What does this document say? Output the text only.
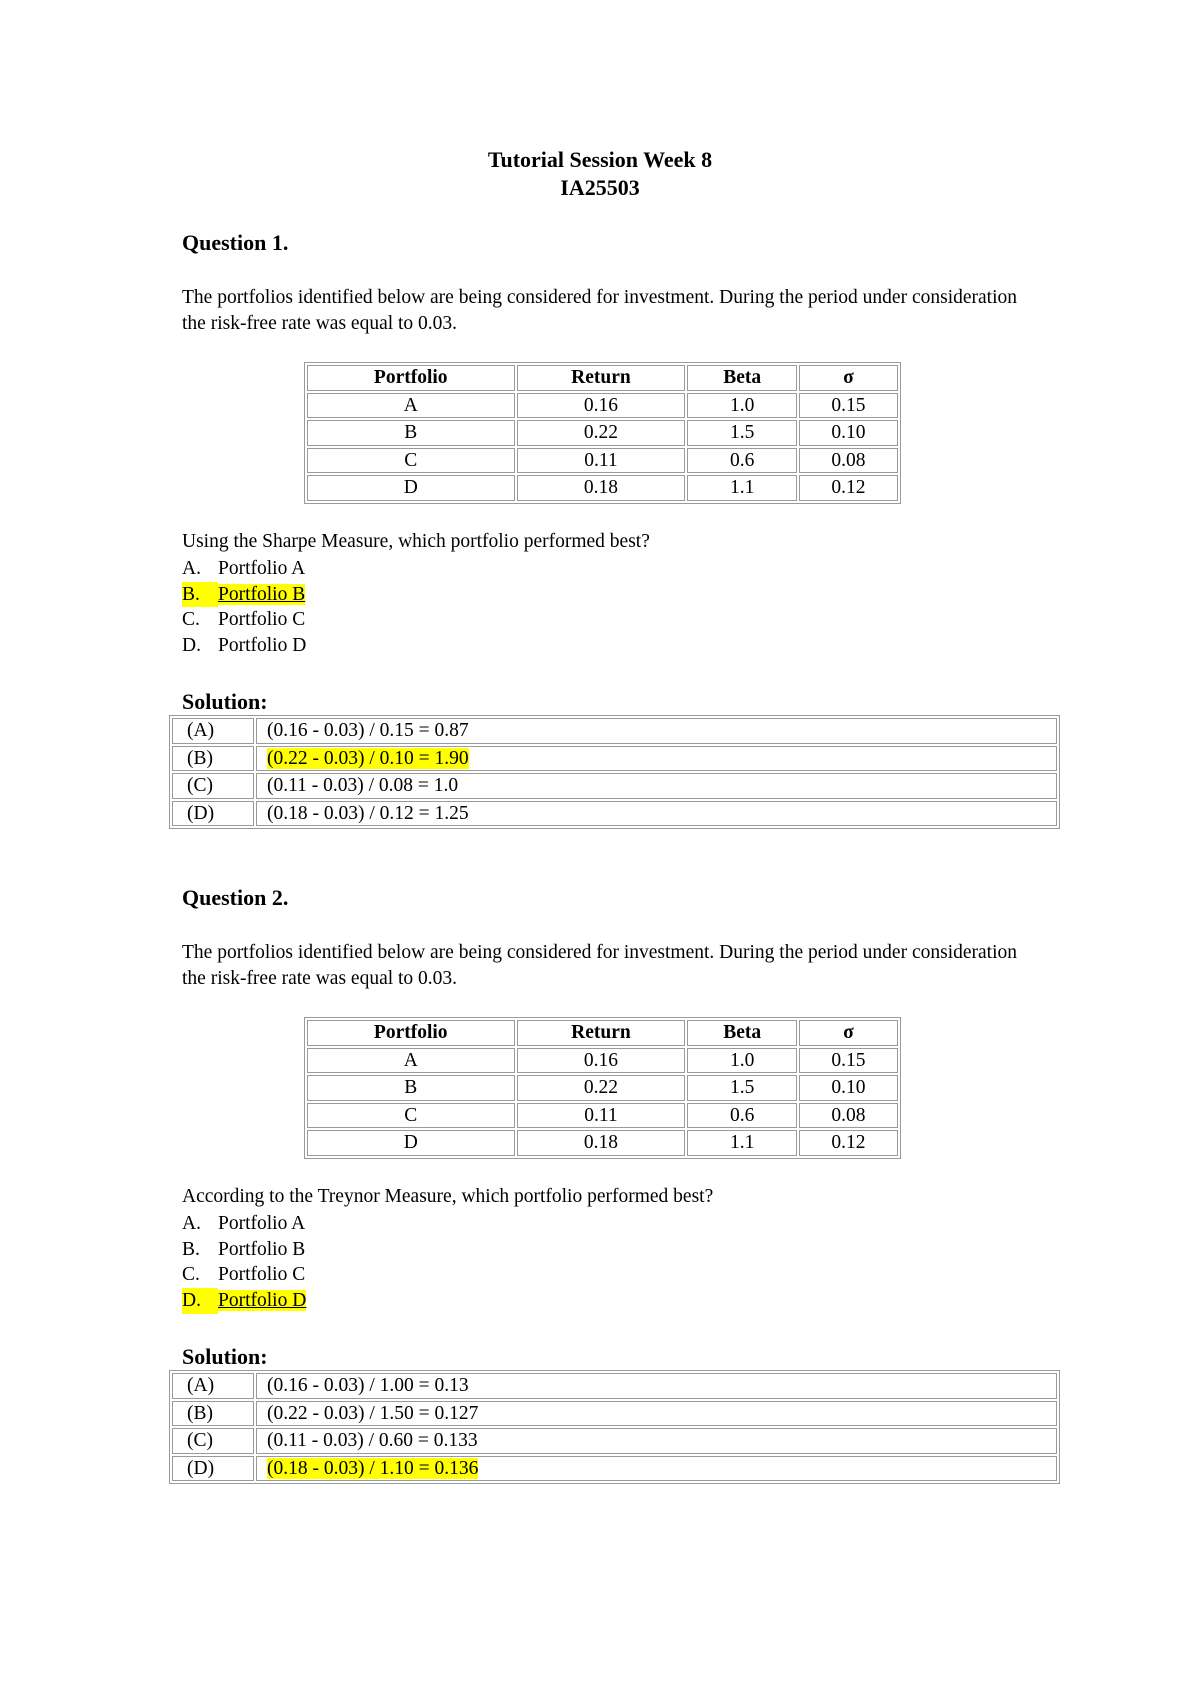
Tutorial Session Week 8
IA25503
Question 1.
The portfolios identified below are being considered for investment. During the period under consideration the risk-free rate was equal to 0.03.
Portfolio	Return	Beta	σ
A	0.16	1.0	0.15
B	0.22	1.5	0.10
C	0.11	0.6	0.08
D	0.18	1.1	0.12
Using the Sharpe Measure, which portfolio performed best?
A. Portfolio A
B. Portfolio B
C. Portfolio C
D. Portfolio D
Solution:
(A)	(0.16 - 0.03) / 0.15 = 0.87
(B)	(0.22 - 0.03) / 0.10 = 1.90
(C)	(0.11 - 0.03) / 0.08 = 1.0
(D)	(0.18 - 0.03) / 0.12 = 1.25
Question 2.
The portfolios identified below are being considered for investment. During the period under consideration the risk-free rate was equal to 0.03.
Portfolio	Return	Beta	σ
A	0.16	1.0	0.15
B	0.22	1.5	0.10
C	0.11	0.6	0.08
D	0.18	1.1	0.12
According to the Treynor Measure, which portfolio performed best?
A. Portfolio A
B. Portfolio B
C. Portfolio C
D. Portfolio D
Solution:
(A)	(0.16 - 0.03) / 1.00 = 0.13
(B)	(0.22 - 0.03) / 1.50 = 0.127
(C)	(0.11 - 0.03) / 0.60 = 0.133
(D)	(0.18 - 0.03) / 1.10 = 0.136
